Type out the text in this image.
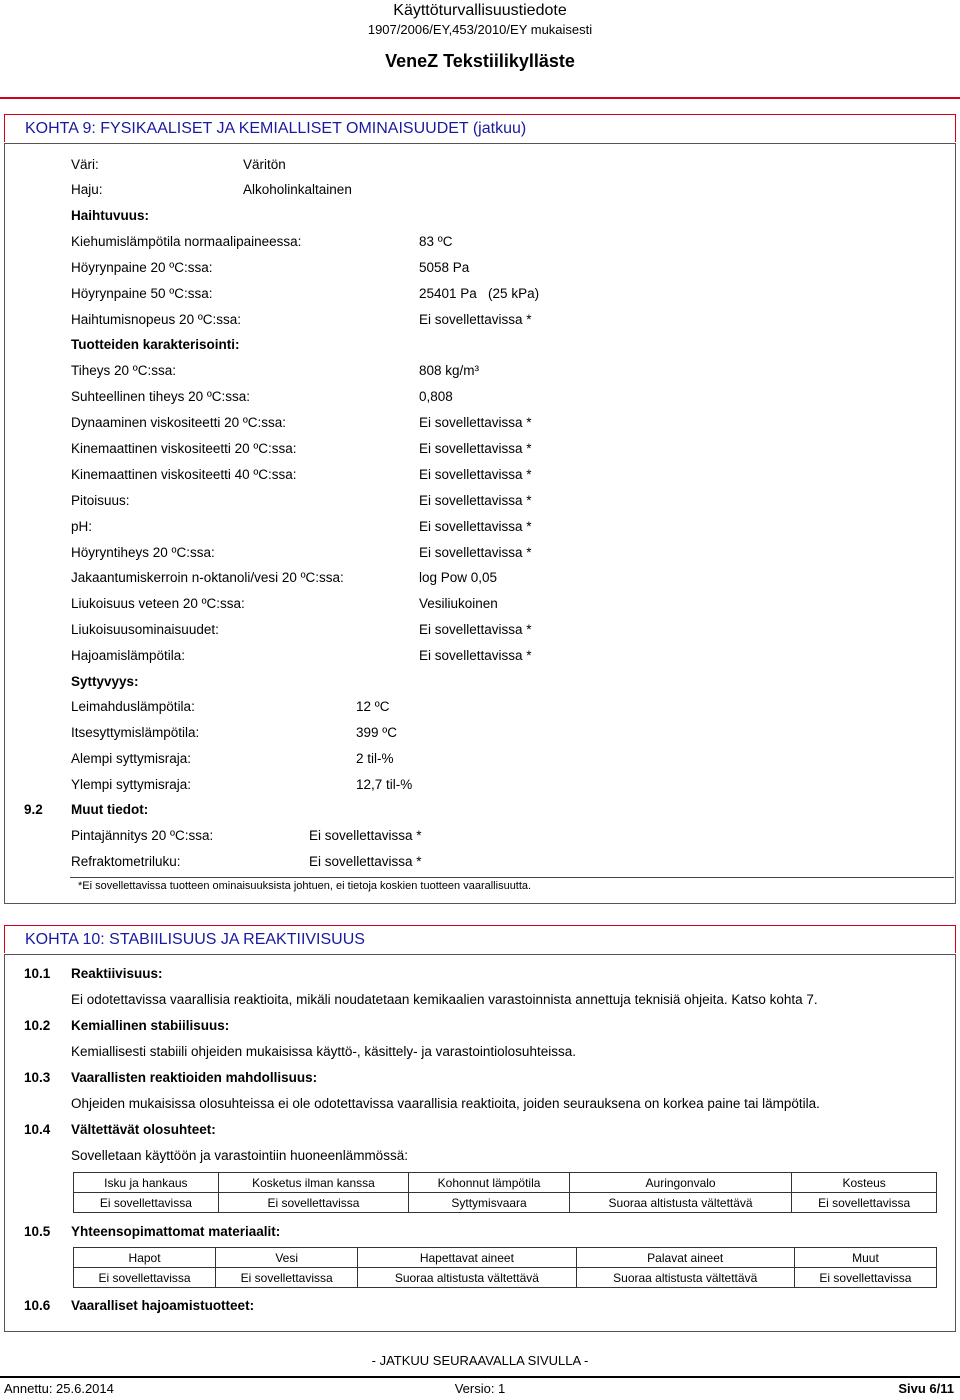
Käyttöturvallisuustiedote
1907/2006/EY,453/2010/EY mukaisesti
VeneZ Tekstiilikylläste
KOHTA 9: FYSIKAALISET JA KEMIALLISET OMINAISUUDET (jatkuu)
Väri:	Väritön
Haju:	Alkoholinkaltainen
Haihtuvuus:
Kiehumislämpötila normaalipaineessa:	83 ºC
Höyrynpaine 20 ºC:ssa:	5058 Pa
Höyrynpaine 50 ºC:ssa:	25401 Pa   (25 kPa)
Haihtumisnopeus 20 ºC:ssa:	Ei sovellettavissa *
Tuotteiden karakterisointi:
Tiheys 20 ºC:ssa:	808 kg/m³
Suhteellinen tiheys 20 ºC:ssa:	0,808
Dynaaminen viskositeetti 20 ºC:ssa:	Ei sovellettavissa *
Kinemaattinen viskositeetti 20 ºC:ssa:	Ei sovellettavissa *
Kinemaattinen viskositeetti 40 ºC:ssa:	Ei sovellettavissa *
Pitoisuus:	Ei sovellettavissa *
pH:	Ei sovellettavissa *
Höyryntiheys 20 ºC:ssa:	Ei sovellettavissa *
Jakaantumiskerroin n-oktanoli/vesi 20 ºC:ssa:	log Pow 0,05
Liukoisuus veteen 20 ºC:ssa:	Vesiliukoinen
Liukoisuusominaisuudet:	Ei sovellettavissa *
Hajoamislämpötila:	Ei sovellettavissa *
Syttyvyys:
Leimahduslämpötila:	12 ºC
Itsesyttymislämpötila:	399 ºC
Alempi syttymisraja:	2 til-%
Ylempi syttymisraja:	12,7 til-%
9.2 Muut tiedot:
Pintajännitys 20 ºC:ssa:	Ei sovellettavissa *
Refraktometriluku:	Ei sovellettavissa *
*Ei sovellettavissa tuotteen ominaisuuksista johtuen, ei tietoja koskien tuotteen vaarallisuutta.
KOHTA 10: STABIILISUUS JA REAKTIIVISUUS
10.1 Reaktiivisuus:
Ei odotettavissa vaarallisia reaktioita, mikäli noudatetaan kemikaalien varastoinnista annettuja teknisiä ohjeita. Katso kohta 7.
10.2 Kemiallinen stabiilisuus:
Kemiallisesti stabiili ohjeiden mukaisissa käyttö-, käsittely- ja varastointiolosuhteissa.
10.3 Vaarallisten reaktioiden mahdollisuus:
Ohjeiden mukaisissa olosuhteissa ei ole odotettavissa vaarallisia reaktioita, joiden seurauksena on korkea paine tai lämpötila.
10.4 Vältettävät olosuhteet:
Sovelletaan käyttöön ja varastointiin huoneenlämmössä:
Isku ja hankaus	Kosketus ilman kanssa	Kohonnut lämpötila	Auringonvalo	Kosteus
Ei sovellettavissa	Ei sovellettavissa	Syttymisvaara	Suoraa altistusta vältettävä	Ei sovellettavissa
10.5 Yhteensopimattomat materiaalit:
Hapot	Vesi	Hapettavat aineet	Palavat aineet	Muut
Ei sovellettavissa	Ei sovellettavissa	Suoraa altistusta vältettävä	Suoraa altistusta vältettävä	Ei sovellettavissa
10.6 Vaaralliset hajoamistuotteet:
- JATKUU SEURAAVALLA SIVULLA -
Annettu: 25.6.2014	Versio: 1	Sivu 6/11
